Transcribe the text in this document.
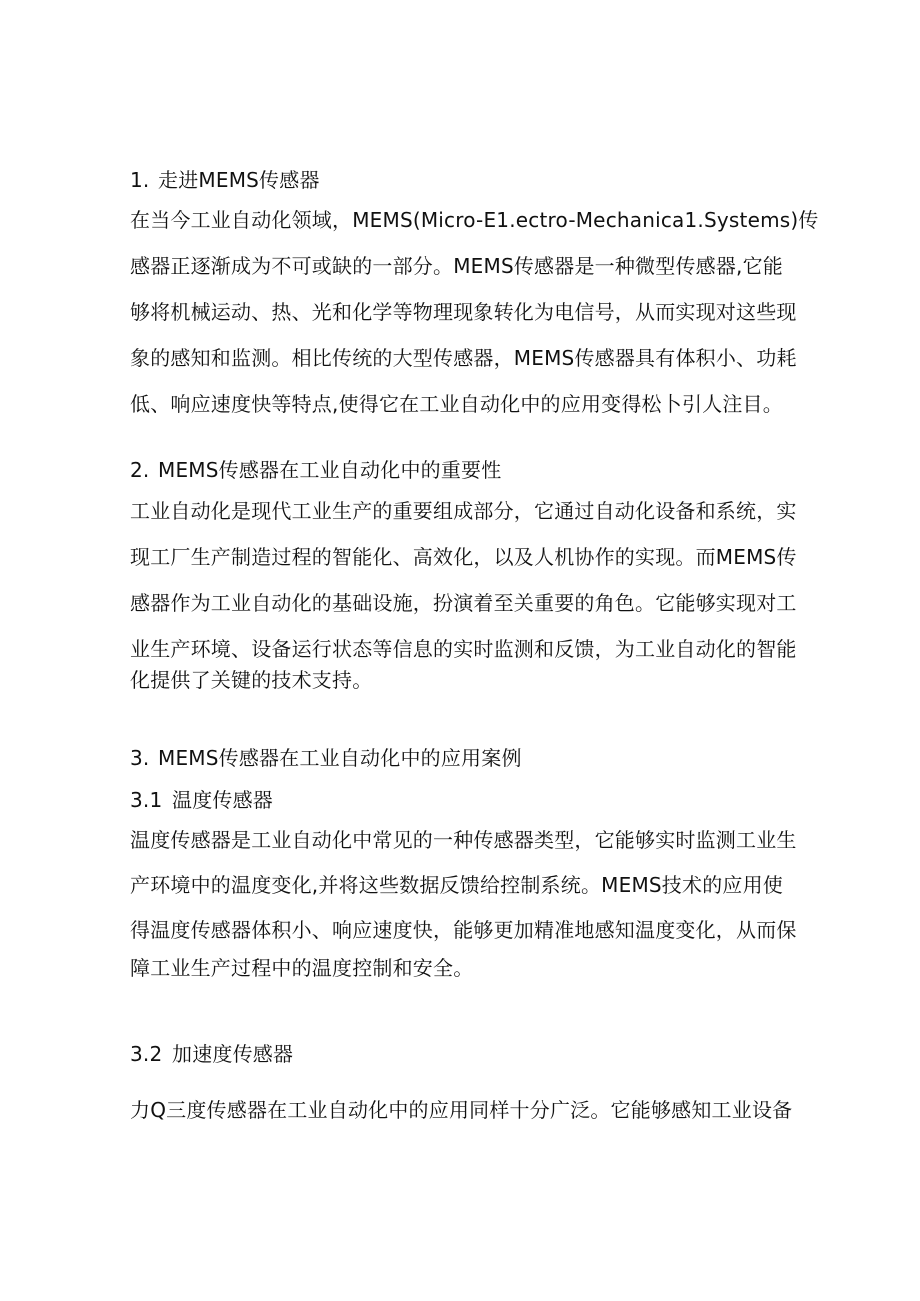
1. 走进MEMS传感器
在当今工业自动化领域，MEMS(Micro-E1.ectro-Mechanica1.Systems)传
感器正逐渐成为不可或缺的一部分。MEMS传感器是一种微型传感器,它能
够将机械运动、热、光和化学等物理现象转化为电信号，从而实现对这些现
象的感知和监测。相比传统的大型传感器，MEMS传感器具有体积小、功耗
低、响应速度快等特点,使得它在工业自动化中的应用变得松卜引人注目。
2. MEMS传感器在工业自动化中的重要性
工业自动化是现代工业生产的重要组成部分，它通过自动化设备和系统，实
现工厂生产制造过程的智能化、高效化，以及人机协作的实现。而MEMS传
感器作为工业自动化的基础设施，扮演着至关重要的角色。它能够实现对工
业生产环境、设备运行状态等信息的实时监测和反馈，为工业自动化的智能
化提供了关键的技术支持。
3. MEMS传感器在工业自动化中的应用案例
3.1 温度传感器
温度传感器是工业自动化中常见的一种传感器类型，它能够实时监测工业生
产环境中的温度变化,并将这些数据反馈给控制系统。MEMS技术的应用使
得温度传感器体积小、响应速度快，能够更加精准地感知温度变化，从而保
障工业生产过程中的温度控制和安全。
3.2 加速度传感器
力Q三度传感器在工业自动化中的应用同样十分广泛。它能够感知工业设备
